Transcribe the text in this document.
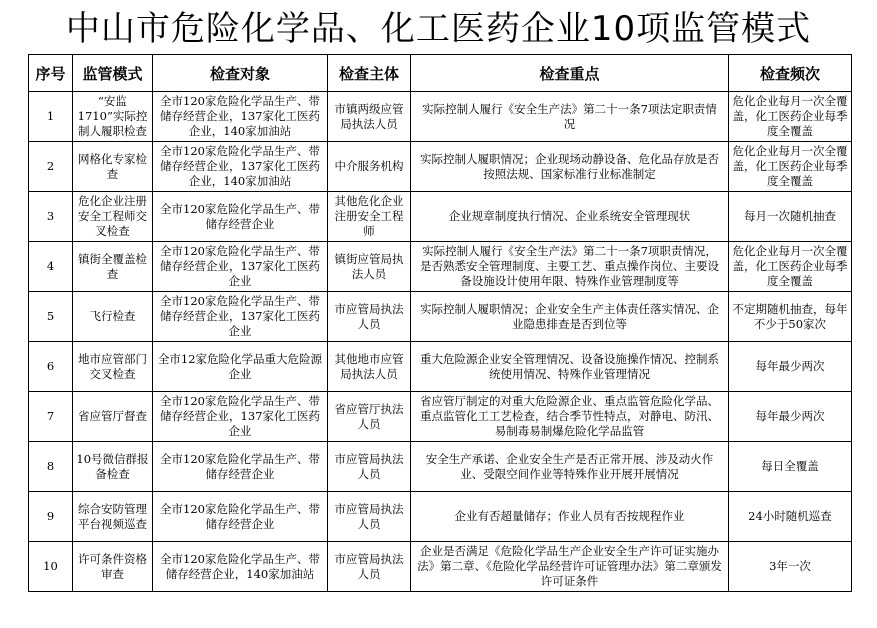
中山市危险化学品、化工医药企业10项监管模式
序号	监管模式	检查对象	检查主体	检查重点	检查频次
1	“安监1710”实际控制人履职检查	全市120家危险化学品生产、带储存经营企业，137家化工医药企业，140家加油站	市镇两级应管局执法人员	实际控制人履行《安全生产法》第二十一条7项法定职责情况	危化企业每月一次全覆盖，化工医药企业每季度全覆盖
2	网格化专家检查	全市120家危险化学品生产、带储存经营企业，137家化工医药企业，140家加油站	中介服务机构	实际控制人履职情况；企业现场动静设备、危化品存放是否按照法规、国家标准行业标准制定	危化企业每月一次全覆盖，化工医药企业每季度全覆盖
3	危化企业注册安全工程师交叉检查	全市120家危险化学品生产、带储存经营企业	其他危化企业注册安全工程师	企业规章制度执行情况、企业系统安全管理现状	每月一次随机抽查
4	镇街全覆盖检查	全市120家危险化学品生产、带储存经营企业，137家化工医药企业	镇街应管局执法人员	实际控制人履行《安全生产法》第二十一条7项职责情况，是否熟悉安全管理制度、主要工艺、重点操作岗位、主要设备设施设计使用年限、特殊作业管理制度等	危化企业每月一次全覆盖，化工医药企业每季度全覆盖
5	飞行检查	全市120家危险化学品生产、带储存经营企业，137家化工医药企业	市应管局执法人员	实际控制人履职情况；企业安全生产主体责任落实情况、企业隐患排查是否到位等	不定期随机抽查，每年不少于50家次
6	地市应管部门交叉检查	全市12家危险化学品重大危险源企业	其他地市应管局执法人员	重大危险源企业安全管理情况、设备设施操作情况、控制系统使用情况、特殊作业管理情况	每年最少两次
7	省应管厅督查	全市120家危险化学品生产、带储存经营企业，137家化工医药企业	省应管厅执法人员	省应管厅制定的对重大危险源企业、重点监管危险化学品、重点监管化工工艺检查，结合季节性特点，对静电、防汛、易制毒易制爆危险化学品监管	每年最少两次
8	10号微信群报备检查	全市120家危险化学品生产、带储存经营企业	市应管局执法人员	安全生产承诺、企业安全生产是否正常开展、涉及动火作业、受限空间作业等特殊作业开展开展情况	每日全覆盖
9	综合安防管理平台视频巡查	全市120家危险化学品生产、带储存经营企业	市应管局执法人员	企业有否超量储存；作业人员有否按规程作业	24小时随机巡查
10	许可条件资格审查	全市120家危险化学品生产、带储存经营企业，140家加油站	市应管局执法人员	企业是否满足《危险化学品生产企业安全生产许可证实施办法》第二章、《危险化学品经营许可证管理办法》第二章颁发许可证条件	3年一次
